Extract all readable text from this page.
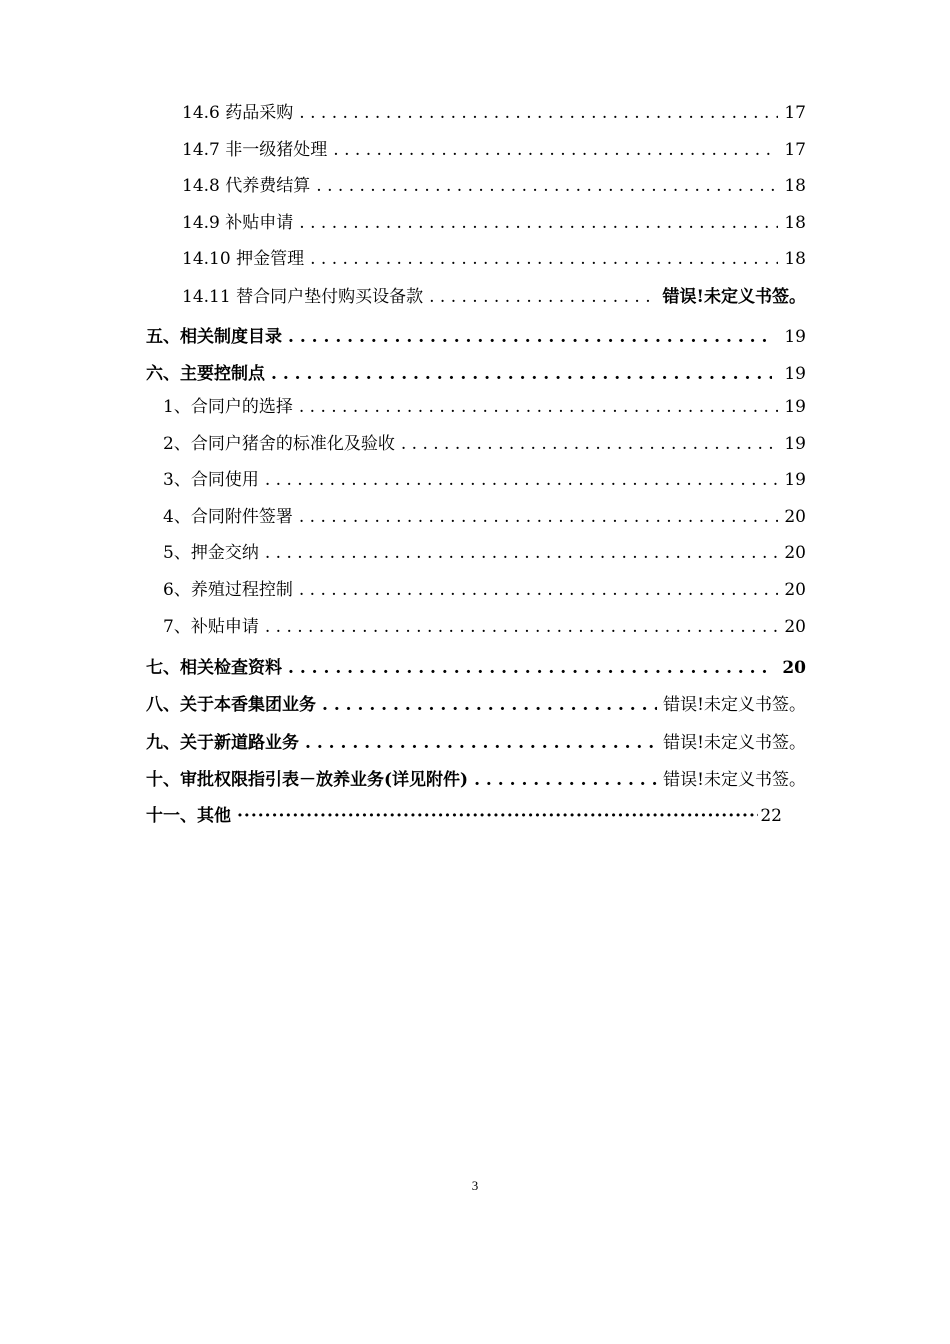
14.6 药品采购 . . .	17
14.7 非一级猪处理 . . .	17
14.8 代养费结算 . . .	18
14.9 补贴申请 . . .	18
14.10 押金管理 . . .	18
14.11 替合同户垫付购买设备款 . . .	错误!未定义书签。
五、相关制度目录 . . .	19
六、主要控制点 . . .	19
1、合同户的选择 . . .	19
2、合同户猪舍的标准化及验收 . . .	19
3、合同使用 . . .	19
4、合同附件签署 . . .	20
5、押金交纳 . . .	20
6、养殖过程控制 . . .	20
7、补贴申请 . . .	20
七、相关检查资料 . . .	20
八、关于本香集团业务 . . .	错误!未定义书签。
九、关于新道路业务 . . .	错误!未定义书签。
十、审批权限指引表－放养业务(详见附件) . . .	错误!未定义书签。
十一、其他 ·····	22
3
